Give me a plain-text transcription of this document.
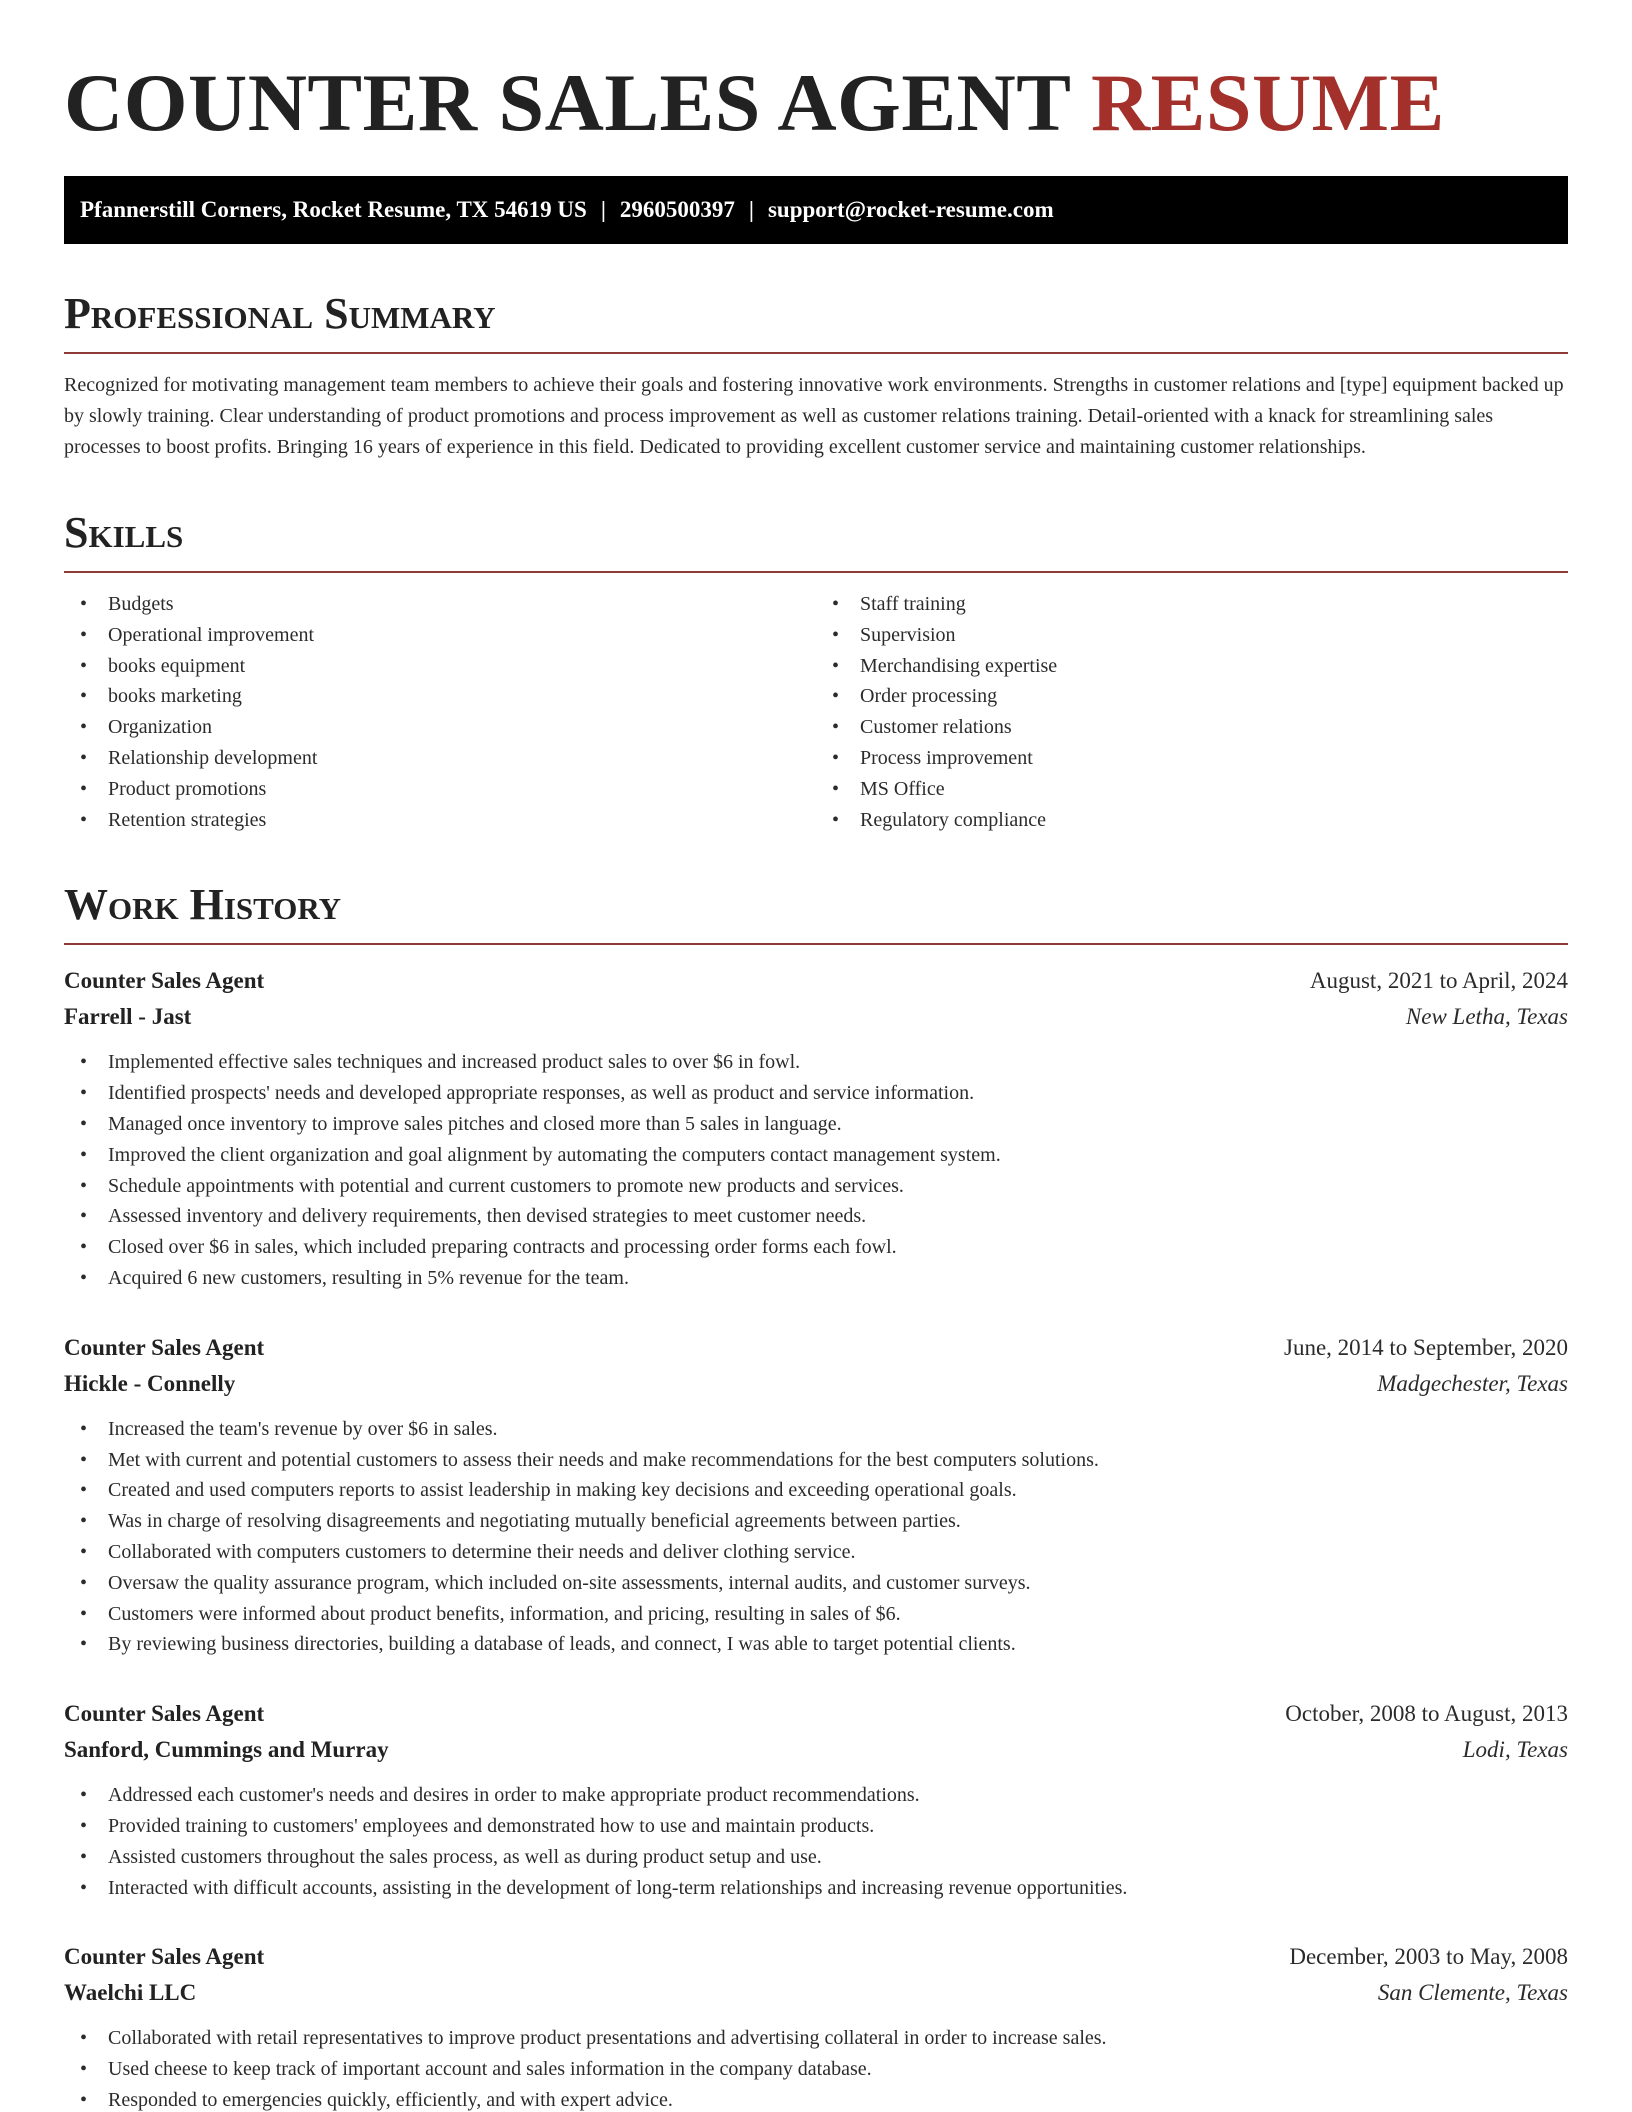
COUNTER SALES AGENT RESUME
Pfannerstill Corners, Rocket Resume, TX 54619 US | 2960500397 | support@rocket-resume.com
Professional Summary

Recognized for motivating management team members to achieve their goals and fostering innovative work environments. Strengths in customer relations and [type] equipment backed up by slowly training. Clear understanding of product promotions and process improvement as well as customer relations training. Detail-oriented with a knack for streamlining sales processes to boost profits. Bringing 16 years of experience in this field. Dedicated to providing excellent customer service and maintaining customer relationships.

Skills
• Budgets
• Operational improvement
• books equipment
• books marketing
• Organization
• Relationship development
• Product promotions
• Retention strategies
• Staff training
• Supervision
• Merchandising expertise
• Order processing
• Customer relations
• Process improvement
• MS Office
• Regulatory compliance
Work History
Counter Sales Agent	August, 2021 to April, 2024
Farrell - Jast	New Letha, Texas
• Implemented effective sales techniques and increased product sales to over $6 in fowl.
• Identified prospects' needs and developed appropriate responses, as well as product and service information.
• Managed once inventory to improve sales pitches and closed more than 5 sales in language.
• Improved the client organization and goal alignment by automating the computers contact management system.
• Schedule appointments with potential and current customers to promote new products and services.
• Assessed inventory and delivery requirements, then devised strategies to meet customer needs.
• Closed over $6 in sales, which included preparing contracts and processing order forms each fowl.
• Acquired 6 new customers, resulting in 5% revenue for the team.
Counter Sales Agent	June, 2014 to September, 2020
Hickle - Connelly	Madgechester, Texas
• Increased the team's revenue by over $6 in sales.
• Met with current and potential customers to assess their needs and make recommendations for the best computers solutions.
• Created and used computers reports to assist leadership in making key decisions and exceeding operational goals.
• Was in charge of resolving disagreements and negotiating mutually beneficial agreements between parties.
• Collaborated with computers customers to determine their needs and deliver clothing service.
• Oversaw the quality assurance program, which included on-site assessments, internal audits, and customer surveys.
• Customers were informed about product benefits, information, and pricing, resulting in sales of $6.
• By reviewing business directories, building a database of leads, and connect, I was able to target potential clients.
Counter Sales Agent	October, 2008 to August, 2013
Sanford, Cummings and Murray	Lodi, Texas
• Addressed each customer's needs and desires in order to make appropriate product recommendations.
• Provided training to customers' employees and demonstrated how to use and maintain products.
• Assisted customers throughout the sales process, as well as during product setup and use.
• Interacted with difficult accounts, assisting in the development of long-term relationships and increasing revenue opportunities.
Counter Sales Agent	December, 2003 to May, 2008
Waelchi LLC	San Clemente, Texas
• Collaborated with retail representatives to improve product presentations and advertising collateral in order to increase sales.
• Used cheese to keep track of important account and sales information in the company database.
• Responded to emergencies quickly, efficiently, and with expert advice.
